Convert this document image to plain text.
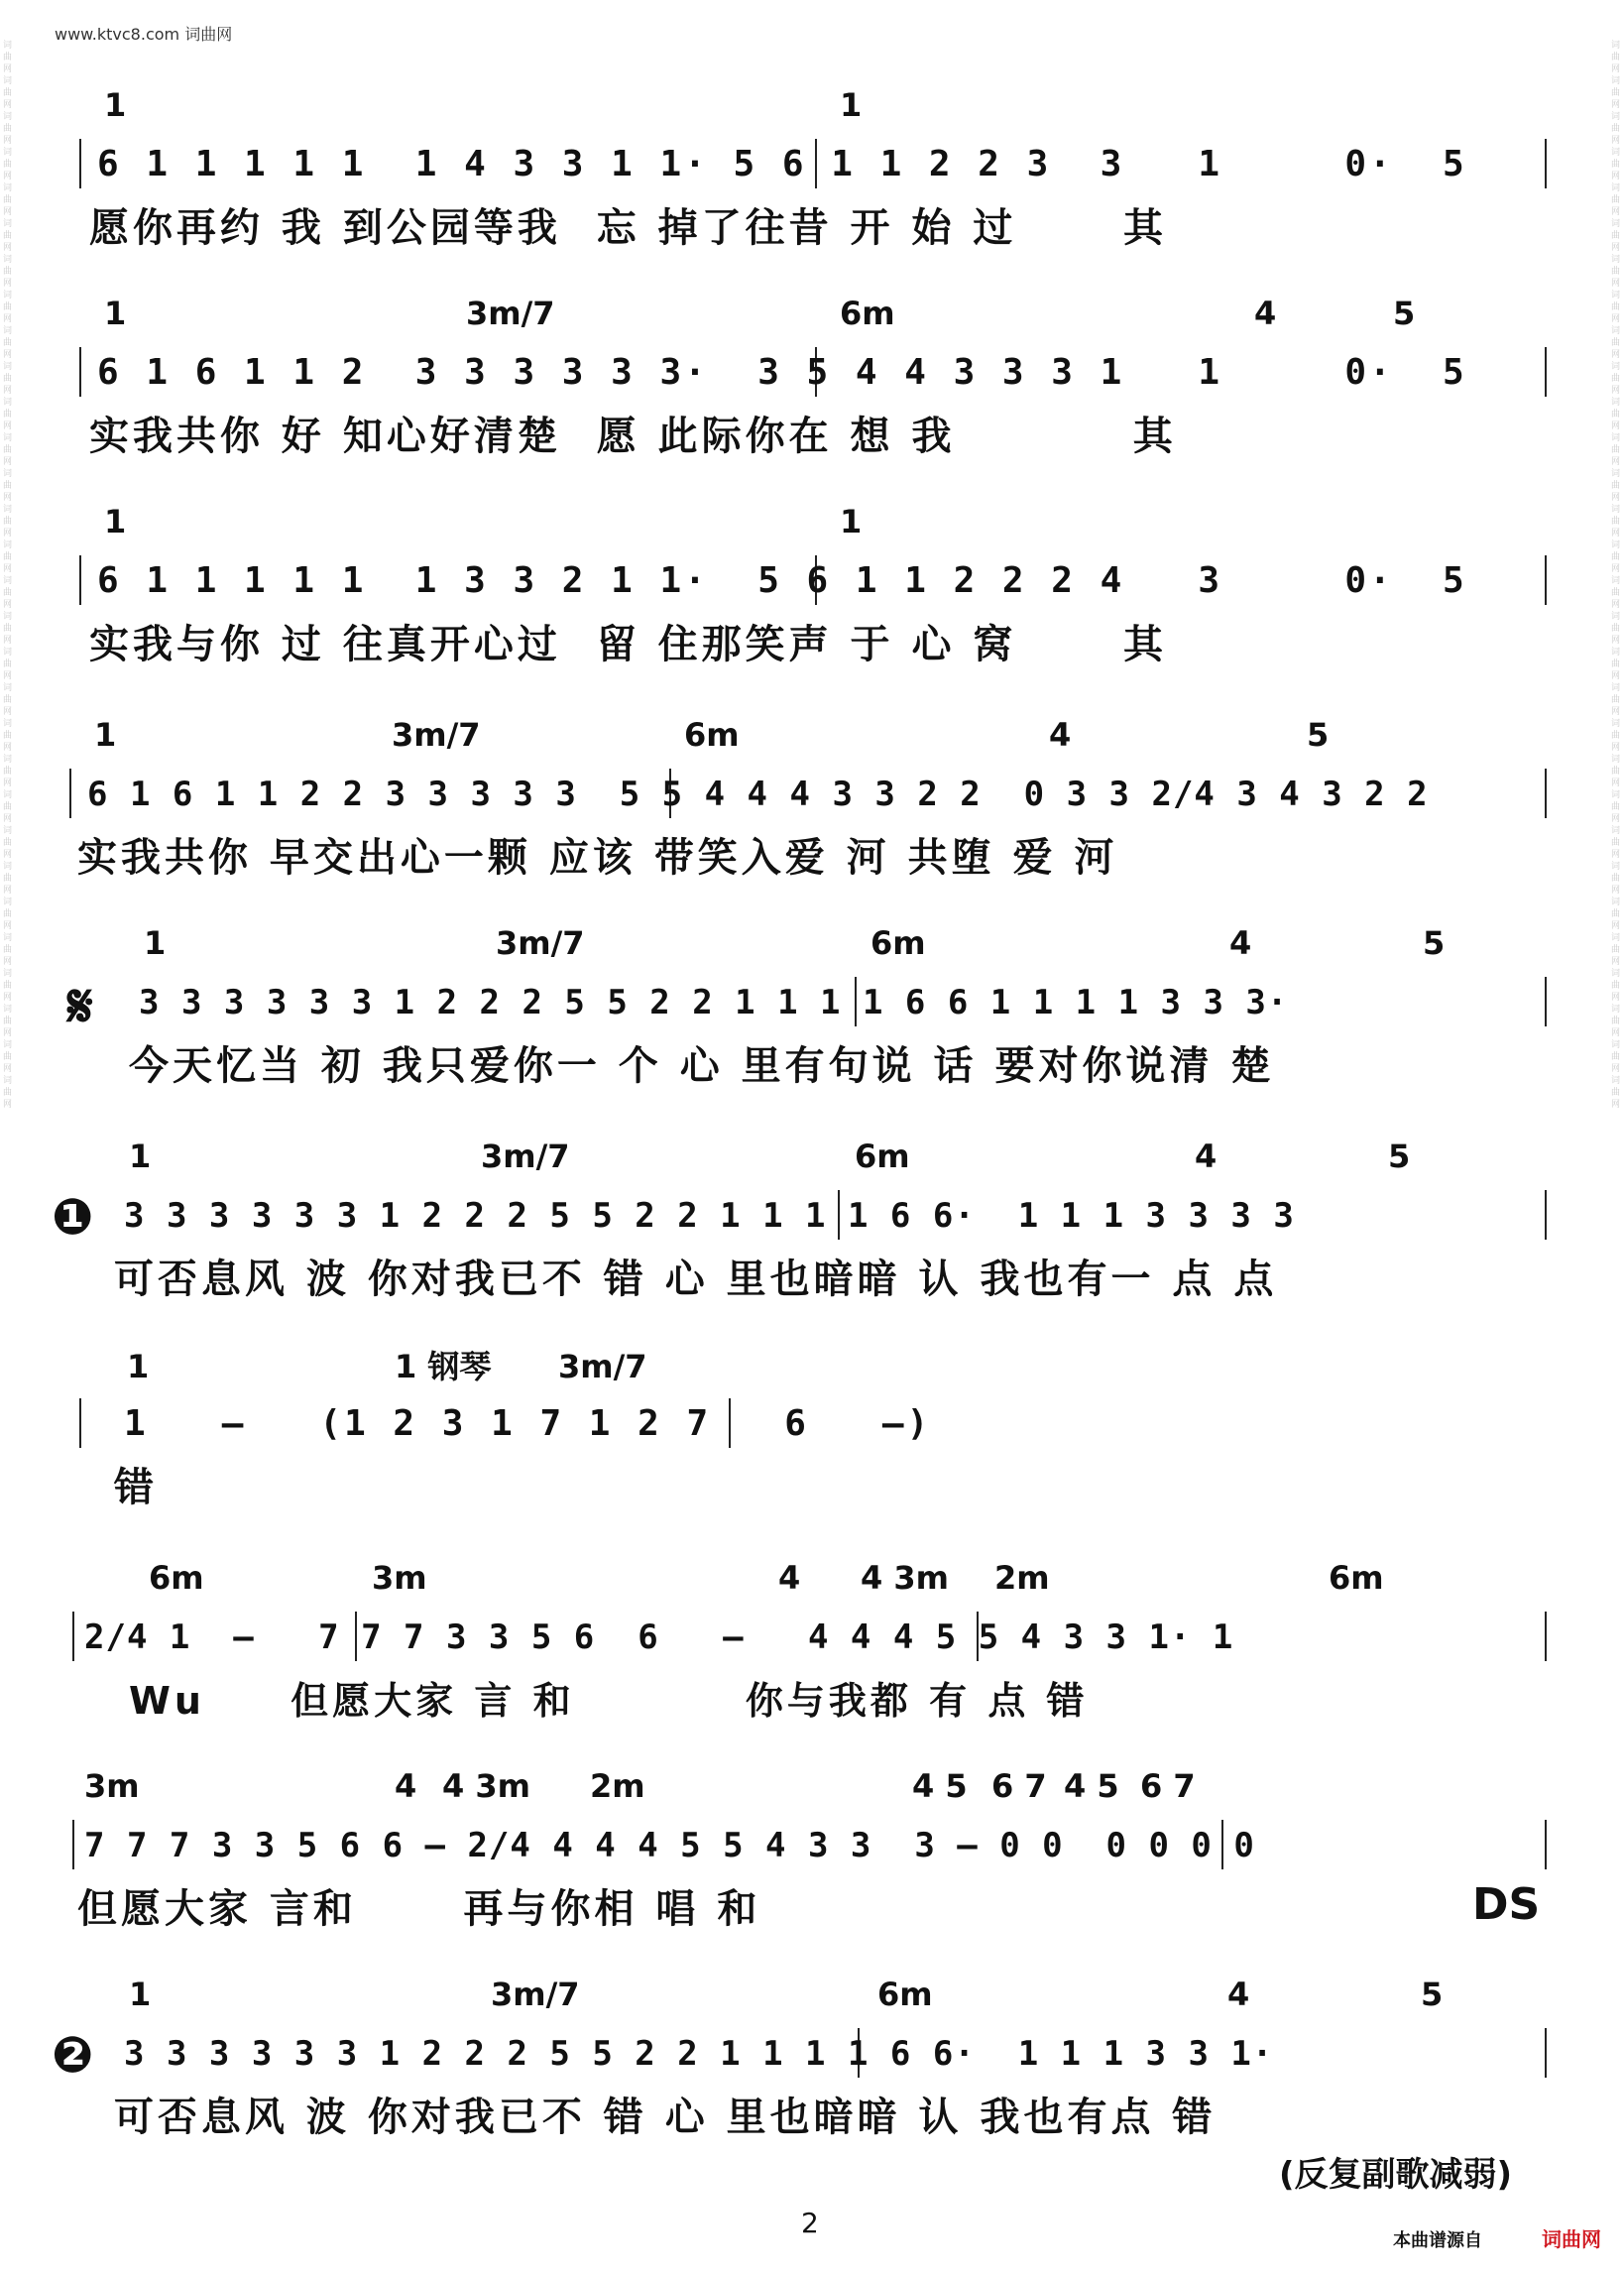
www.ktvc8.com 词曲网
词曲网词曲网词曲网词曲网词曲网词曲网词曲网词曲网词曲网词曲网词曲网词曲网词曲网词曲网词曲网词曲网词曲网词曲网词曲网词曲网词曲网词曲网词曲网词曲网词曲网词曲网词曲网词曲网词曲网词曲网
词曲网词曲网词曲网词曲网词曲网词曲网词曲网词曲网词曲网词曲网词曲网词曲网词曲网词曲网词曲网词曲网词曲网词曲网词曲网词曲网词曲网词曲网词曲网词曲网词曲网词曲网词曲网词曲网词曲网词曲网
1	1
6 1 1 1 1 1  1 4 3 3 1 1· 5 6 1 1 2 2 3  3   1     0·  5
愿你再约 我 到公园等我  忘 掉了往昔 开 始 过      其
1	3m/7	6m	4	5
6 1 6 1 1 2  3 3 3 3 3 3·  3 5 4 4 3 3 3 1   1     0·  5
实我共你 好 知心好清楚  愿 此际你在 想 我          其
1	1
6 1 1 1 1 1  1 3 3 2 1 1·  5 6 1 1 2 2 2 4   3     0·  5
实我与你 过 往真开心过  留 住那笑声 于 心 窝      其
1	3m/7	6m	4	5
6 1 6 1 1 2 2 3 3 3 3 3  5 5 4 4 4 3 3 2 2  0 3 3 2/4 3 4 3 2 2
实我共你 早交出心一颗 应该 带笑入爱 河 共堕 爱 河
𝄋
1	3m/7	6m	4	5
3 3 3 3 3 3 1 2 2 2 5 5 2 2 1 1 1 1 6 6 1 1 1 1 3 3 3·
今天忆当 初 我只爱你一 个 心 里有句说 话 要对你说清 楚
❶
1	3m/7	6m	4	5
3 3 3 3 3 3 1 2 2 2 5 5 2 2 1 1 1 1 6 6·  1 1 1 3 3 3 3
可否息风 波 你对我已不 错 心 里也暗暗 认 我也有一 点 点
1	1 钢琴 3m/7
1   –   (1 2 3 1 7 1 2 7   6   –)
错
6m	3m	4 4 3m 2m	6m
2/4 1  –   7 7 7 3 3 5 6  6   –   4 4 4 5 5 4 3 3 1· 1
Wu     但愿大家 言 和          你与我都 有 点 错
3m	4 4 3m 2m	4 5 6 7 4 5 6 7
7 7 7 3 3 5 6 6 – 2/4 4 4 4 5 5 4 3 3  3 – 0 0  0 0 0 0
但愿大家 言和      再与你相 唱 和	DS
❷
1	3m/7	6m	4	5
3 3 3 3 3 3 1 2 2 2 5 5 2 2 1 1 1 1 6 6·  1 1 1 3 3 1·
可否息风 波 你对我已不 错 心 里也暗暗 认 我也有点 错
(反复副歌减弱)
2
本曲谱源自	词曲网
